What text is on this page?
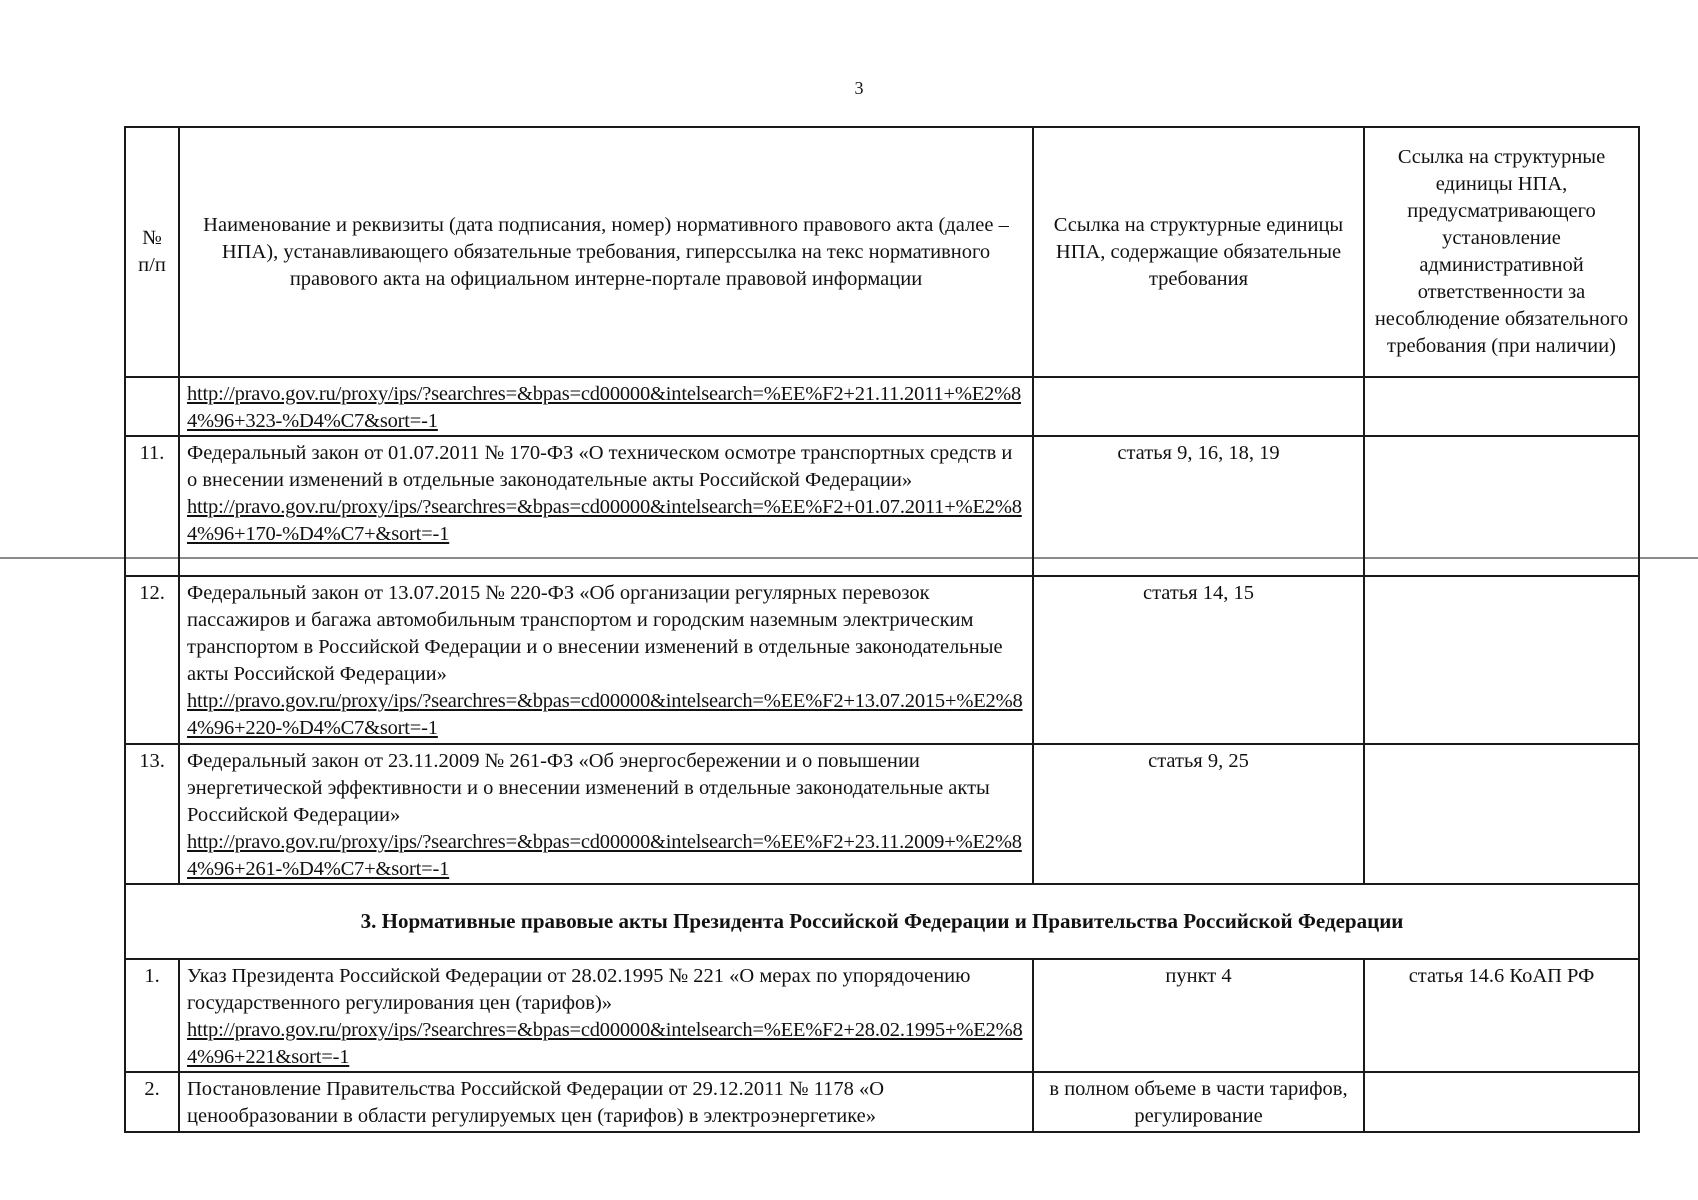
3
№ п/п	Наименование и реквизиты (дата подписания, номер) нормативного правового акта (далее – НПА), устанавливающего обязательные требования, гиперссылка на текс нормативного правового акта на официальном интерне-портале правовой информации	Ссылка на структурные единицы НПА, содержащие обязательные требования	Ссылка на структурные единицы НПА, предусматривающего установление административной ответственности за несоблюдение обязательного требования (при наличии)

	http://pravo.gov.ru/proxy/ips/?searchres=&bpas=cd00000&intelsearch=%EE%F2+21.11.2011+%E2%84%96+323-%D4%C7&sort=-1		

11.	Федеральный закон от 01.07.2011 № 170-ФЗ «О техническом осмотре транспортных средств и о внесении изменений в отдельные законодательные акты Российской Федерации»
http://pravo.gov.ru/proxy/ips/?searchres=&bpas=cd00000&intelsearch=%EE%F2+01.07.2011+%E2%84%96+170-%D4%C7+&sort=-1	статья 9, 16, 18, 19	
12.	Федеральный закон от 13.07.2015 № 220-ФЗ «Об организации регулярных перевозок пассажиров и багажа автомобильным транспортом и городским наземным электрическим транспортом в Российской Федерации и о внесении изменений в отдельные законодательные акты Российской Федерации»
http://pravo.gov.ru/proxy/ips/?searchres=&bpas=cd00000&intelsearch=%EE%F2+13.07.2015+%E2%84%96+220-%D4%C7&sort=-1	статья 14, 15	
13.	Федеральный закон от 23.11.2009 № 261-ФЗ «Об энергосбережении и о повышении энергетической эффективности и о внесении изменений в отдельные законодательные акты Российской Федерации»
http://pravo.gov.ru/proxy/ips/?searchres=&bpas=cd00000&intelsearch=%EE%F2+23.11.2009+%E2%84%96+261-%D4%C7+&sort=-1	статья 9, 25	
3. Нормативные правовые акты Президента Российской Федерации и Правительства Российской Федерации			
1.	Указ Президента Российской Федерации от 28.02.1995 № 221 «О мерах по упорядочению государственного регулирования цен (тарифов)»
http://pravo.gov.ru/proxy/ips/?searchres=&bpas=cd00000&intelsearch=%EE%F2+28.02.1995+%E2%84%96+221&sort=-1	пункт 4	статья 14.6 КоАП РФ
2.	Постановление Правительства Российской Федерации от 29.12.2011 № 1178 «О ценообразовании в области регулируемых цен (тарифов) в электроэнергетике»	в полном объеме в части тарифов, регулирование	
